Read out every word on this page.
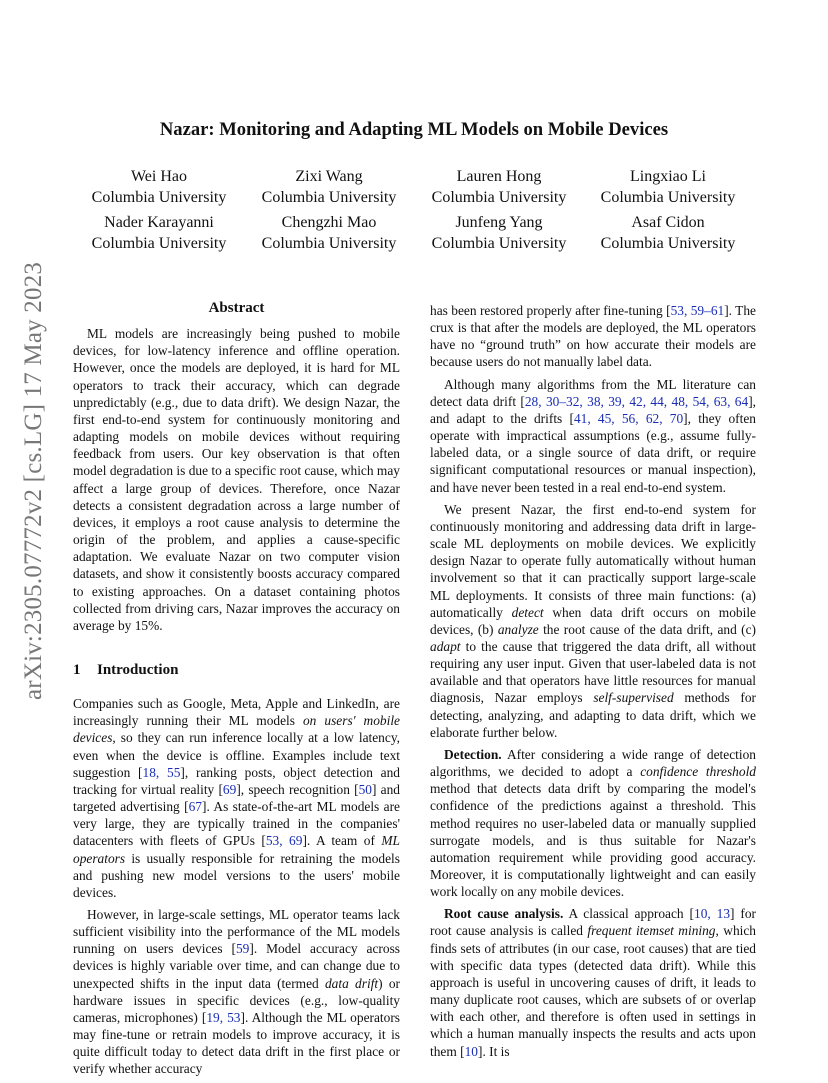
arXiv:2305.07772v2 [cs.LG] 17 May 2023
Nazar: Monitoring and Adapting ML Models on Mobile Devices
Wei Hao
Columbia University
Zixi Wang
Columbia University
Lauren Hong
Columbia University
Lingxiao Li
Columbia University
Nader Karayanni
Columbia University
Chengzhi Mao
Columbia University
Junfeng Yang
Columbia University
Asaf Cidon
Columbia University
Abstract

ML models are increasingly being pushed to mobile devices, for low-latency inference and offline operation. However, once the models are deployed, it is hard for ML operators to track their accuracy, which can degrade unpredictably (e.g., due to data drift). We design Nazar, the first end-to-end system for continuously monitoring and adapting models on mobile devices without requiring feedback from users. Our key observation is that often model degradation is due to a specific root cause, which may affect a large group of devices. Therefore, once Nazar detects a consistent degradation across a large number of devices, it employs a root cause analysis to determine the origin of the problem, and applies a cause-specific adaptation. We evaluate Nazar on two computer vision datasets, and show it consistently boosts accuracy compared to existing approaches. On a dataset containing photos collected from driving cars, Nazar improves the accuracy on average by 15%.

1 Introduction

Companies such as Google, Meta, Apple and LinkedIn, are increasingly running their ML models on users' mobile devices, so they can run inference locally at a low latency, even when the device is offline. Examples include text suggestion [18, 55], ranking posts, object detection and tracking for virtual reality [69], speech recognition [50] and targeted advertising [67]. As state-of-the-art ML models are very large, they are typically trained in the companies' datacenters with fleets of GPUs [53, 69]. A team of ML operators is usually responsible for retraining the models and pushing new model versions to the users' mobile devices.

However, in large-scale settings, ML operator teams lack sufficient visibility into the performance of the ML models running on users devices [59]. Model accuracy across devices is highly variable over time, and can change due to unexpected shifts in the input data (termed data drift) or hardware issues in specific devices (e.g., low-quality cameras, microphones) [19, 53]. Although the ML operators may fine-tune or retrain models to improve accuracy, it is quite difficult today to detect data drift in the first place or verify whether accuracy

has been restored properly after fine-tuning [53, 59–61]. The crux is that after the models are deployed, the ML operators have no “ground truth” on how accurate their models are because users do not manually label data.

Although many algorithms from the ML literature can detect data drift [28, 30–32, 38, 39, 42, 44, 48, 54, 63, 64], and adapt to the drifts [41, 45, 56, 62, 70], they often operate with impractical assumptions (e.g., assume fully-labeled data, or a single source of data drift, or require significant computational resources or manual inspection), and have never been tested in a real end-to-end system.

We present Nazar, the first end-to-end system for continuously monitoring and addressing data drift in large-scale ML deployments on mobile devices. We explicitly design Nazar to operate fully automatically without human involvement so that it can practically support large-scale ML deployments. It consists of three main functions: (a) automatically detect when data drift occurs on mobile devices, (b) analyze the root cause of the data drift, and (c) adapt to the cause that triggered the data drift, all without requiring any user input. Given that user-labeled data is not available and that operators have little resources for manual diagnosis, Nazar employs self-supervised methods for detecting, analyzing, and adapting to data drift, which we elaborate further below.

Detection. After considering a wide range of detection algorithms, we decided to adopt a confidence threshold method that detects data drift by comparing the model's confidence of the predictions against a threshold. This method requires no user-labeled data or manually supplied surrogate models, and is thus suitable for Nazar's automation requirement while providing good accuracy. Moreover, it is computationally lightweight and can easily work locally on any mobile devices.

Root cause analysis. A classical approach [10, 13] for root cause analysis is called frequent itemset mining, which finds sets of attributes (in our case, root causes) that are tied with specific data types (detected data drift). While this approach is useful in uncovering causes of drift, it leads to many duplicate root causes, which are subsets of or overlap with each other, and therefore is often used in settings in which a human manually inspects the results and acts upon them [10]. It is
